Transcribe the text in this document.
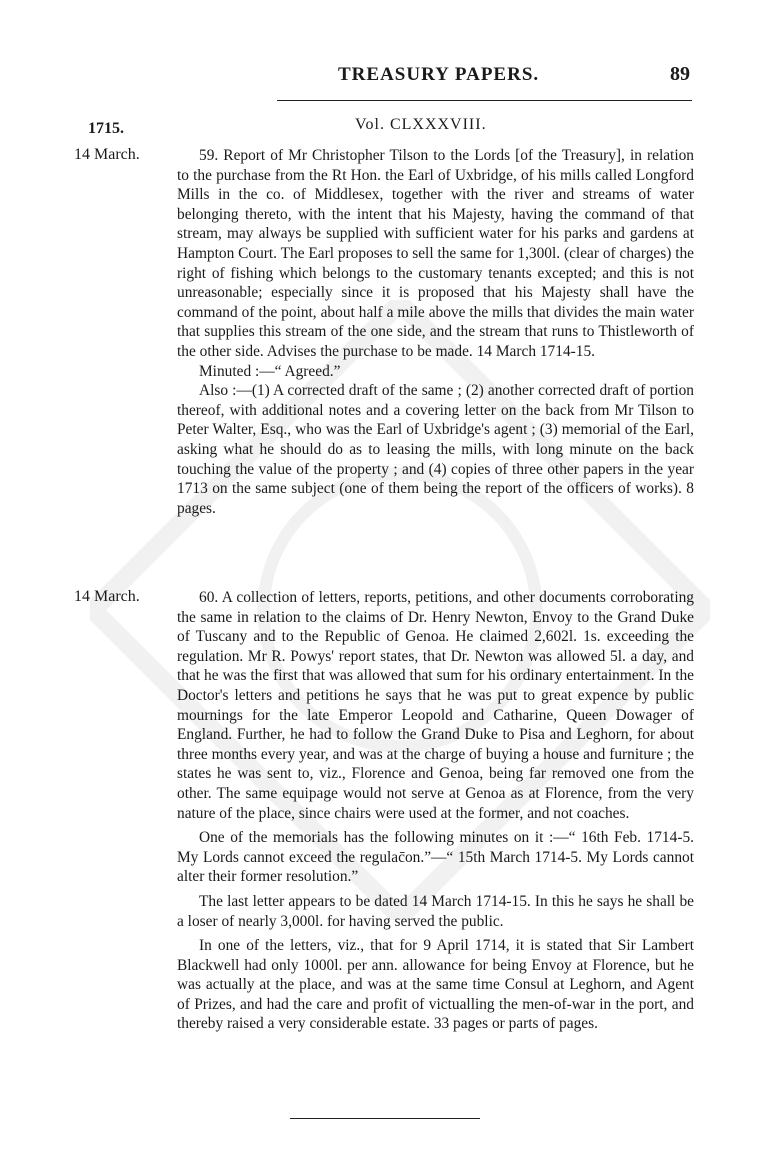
TREASURY PAPERS.	89
1715.	Vol. CLXXXVIII.
14 March.	59. Report of Mr Christopher Tilson to the Lords [of the Treasury], in relation to the purchase from the Rt Hon. the Earl of Uxbridge, of his mills called Longford Mills in the co. of Middlesex, together with the river and streams of water belonging thereto, with the intent that his Majesty, having the command of that stream, may always be supplied with sufficient water for his parks and gardens at Hampton Court. The Earl proposes to sell the same for 1,300l. (clear of charges) the right of fishing which belongs to the customary tenants excepted; and this is not unreasonable; especially since it is proposed that his Majesty shall have the command of the point, about half a mile above the mills that divides the main water that supplies this stream of the one side, and the stream that runs to Thistleworth of the other side. Advises the purchase to be made. 14 March 1714-15.

Minuted :—“ Agreed.”

Also :—(1) A corrected draft of the same ; (2) another corrected draft of portion thereof, with additional notes and a covering letter on the back from Mr Tilson to Peter Walter, Esq., who was the Earl of Uxbridge's agent ; (3) memorial of the Earl, asking what he should do as to leasing the mills, with long minute on the back touching the value of the property ; and (4) copies of three other papers in the year 1713 on the same subject (one of them being the report of the officers of works). 8 pages.

14 March.	60. A collection of letters, reports, petitions, and other documents corroborating the same in relation to the claims of Dr. Henry Newton, Envoy to the Grand Duke of Tuscany and to the Republic of Genoa. He claimed 2,602l. 1s. exceeding the regulation. Mr R. Powys' report states, that Dr. Newton was allowed 5l. a day, and that he was the first that was allowed that sum for his ordinary entertainment. In the Doctor's letters and petitions he says that he was put to great expence by public mournings for the late Emperor Leopold and Catharine, Queen Dowager of England. Further, he had to follow the Grand Duke to Pisa and Leghorn, for about three months every year, and was at the charge of buying a house and furniture ; the states he was sent to, viz., Florence and Genoa, being far removed one from the other. The same equipage would not serve at Genoa as at Florence, from the very nature of the place, since chairs were used at the former, and not coaches.

One of the memorials has the following minutes on it :—“ 16th Feb. 1714-5. My Lords cannot exceed the regulac̄on.”—“ 15th March 1714-5. My Lords cannot alter their former resolution.”

The last letter appears to be dated 14 March 1714-15. In this he says he shall be a loser of nearly 3,000l. for having served the public.

In one of the letters, viz., that for 9 April 1714, it is stated that Sir Lambert Blackwell had only 1000l. per ann. allowance for being Envoy at Florence, but he was actually at the place, and was at the same time Consul at Leghorn, and Agent of Prizes, and had the care and profit of victualling the men-of-war in the port, and thereby raised a very considerable estate. 33 pages or parts of pages.
